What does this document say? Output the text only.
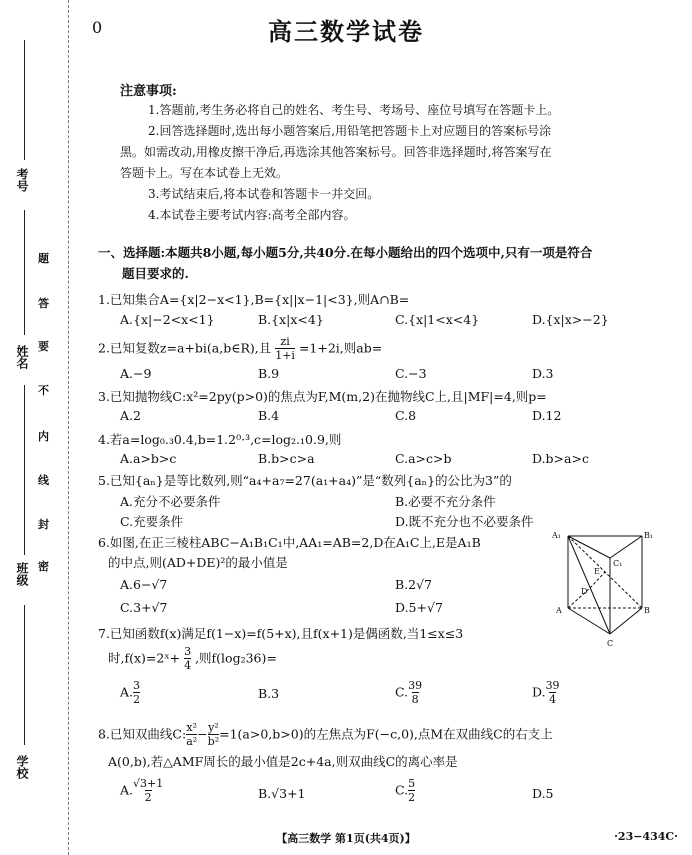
考号
姓名
班级
学校
题
答
要
不
内
线
封
密
0	高三数学试卷
注意事项:
1.答题前,考生务必将自己的姓名、考生号、考场号、座位号填写在答题卡上。
2.回答选择题时,选出每小题答案后,用铅笔把答题卡上对应题目的答案标号涂
黑。如需改动,用橡皮擦干净后,再选涂其他答案标号。回答非选择题时,将答案写在
答题卡上。写在本试卷上无效。
3.考试结束后,将本试卷和答题卡一并交回。
4.本试卷主要考试内容:高考全部内容。
一、选择题:本题共8小题,每小题5分,共40分.在每小题给出的四个选项中,只有一项是符合
题目要求的.
1.已知集合A={x|2−x<1},B={x||x−1|<3},则A∩B=
A.{x|−2<x<1}	B.{x|x<4}	C.{x|1<x<4}	D.{x|x>−2}
2.已知复数z=a+bi(a,b∈R),且 $\frac{zi}{1+i} =1+2i$,则ab=
A.−9	B.9	C.−3	D.3
3.已知抛物线C:x²=2py(p>0)的焦点为F,M(m,2)在抛物线C上,且|MF|=4,则p=
A.2	B.4	C.8	D.12
4.若a=log₀.₃0.4,b=1.2⁰·³,c=log₂.₁0.9,则
A.a>b>c	B.b>c>a	C.a>c>b	D.b>a>c
5.已知{aₙ}是等比数列,则“a₄+a₇=27(a₁+a₄)”是“数列{aₙ}的公比为3”的
A.充分不必要条件	B.必要不充分条件
C.充要条件	D.既不充分也不必要条件
6.如图,在正三棱柱ABC−A₁B₁C₁中,AA₁=AB=2,D在A₁C上,E是A₁B
的中点,则(AD+DE)²的最小值是
A.6−√7	B.2√7
C.3+√7	D.5+√7
A₁	B₁
C₁
E
D
A	B
C
7.已知函数f(x)满足f(1−x)=f(5+x),且f(x+1)是偶函数,当1≤x≤3
时,f(x)=2ˣ+ $\frac{3}{4}$ ,则f(log₂36)=
A. $\frac{3}{2}$	B.3	C. $\frac{39}{8}$	D. $\frac{39}{4}$
8.已知双曲线C: $\frac{\text{x²}}{\text{a²}} - \frac{\text{y²}}{\text{b²}} =1(a>0,b>0)$的左焦点为F(−c,0),点M在双曲线C的右支上
A(0,b),若△AMF周长的最小值是2c+4a,则双曲线C的离心率是
A. $\frac{√3+1}{2}$	B.√3+1	C. $\frac{5}{2}$	D.5
【高三数学 第1页(共4页)】	·23−434C·
